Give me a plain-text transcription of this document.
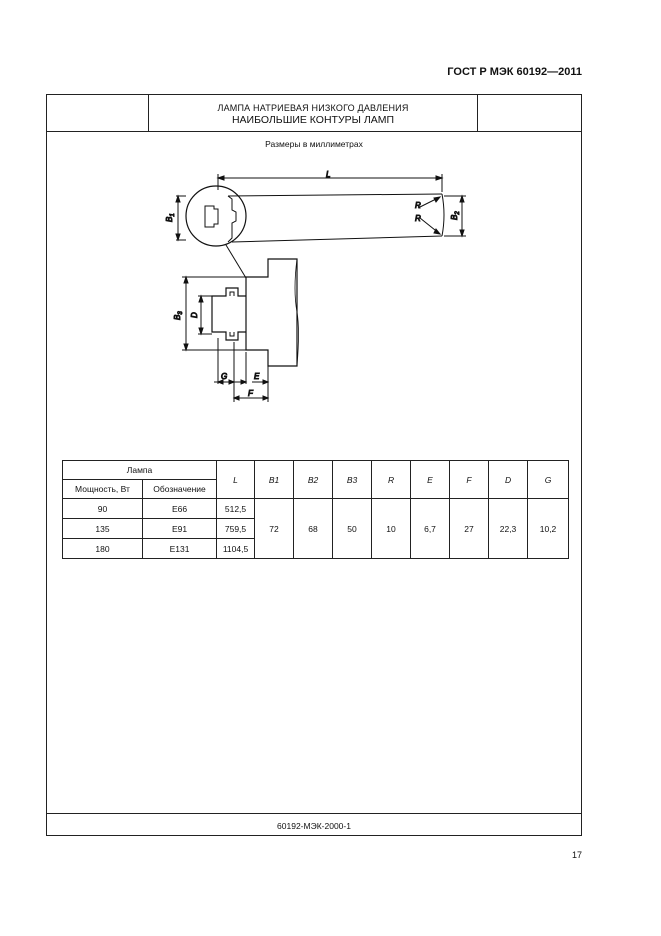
ГОСТ Р МЭК 60192—2011
ЛАМПА НАТРИЕВАЯ НИЗКОГО ДАВЛЕНИЯ
НАИБОЛЬШИЕ КОНТУРЫ ЛАМП
Размеры в миллиметрах
60192-МЭК-2000-1
L
$B_1$	$B_2$
$B_3$
R
R
D
G	E
F
Лампа		L	B1	B2	B3	R	E	F	D	G
Мощность, Вт	Обозначение									
90	E66	512,5	72	68	50	10	6,7	27	22,3	10,2
135	E91	759,5								
180	E131	1104,5								
17
